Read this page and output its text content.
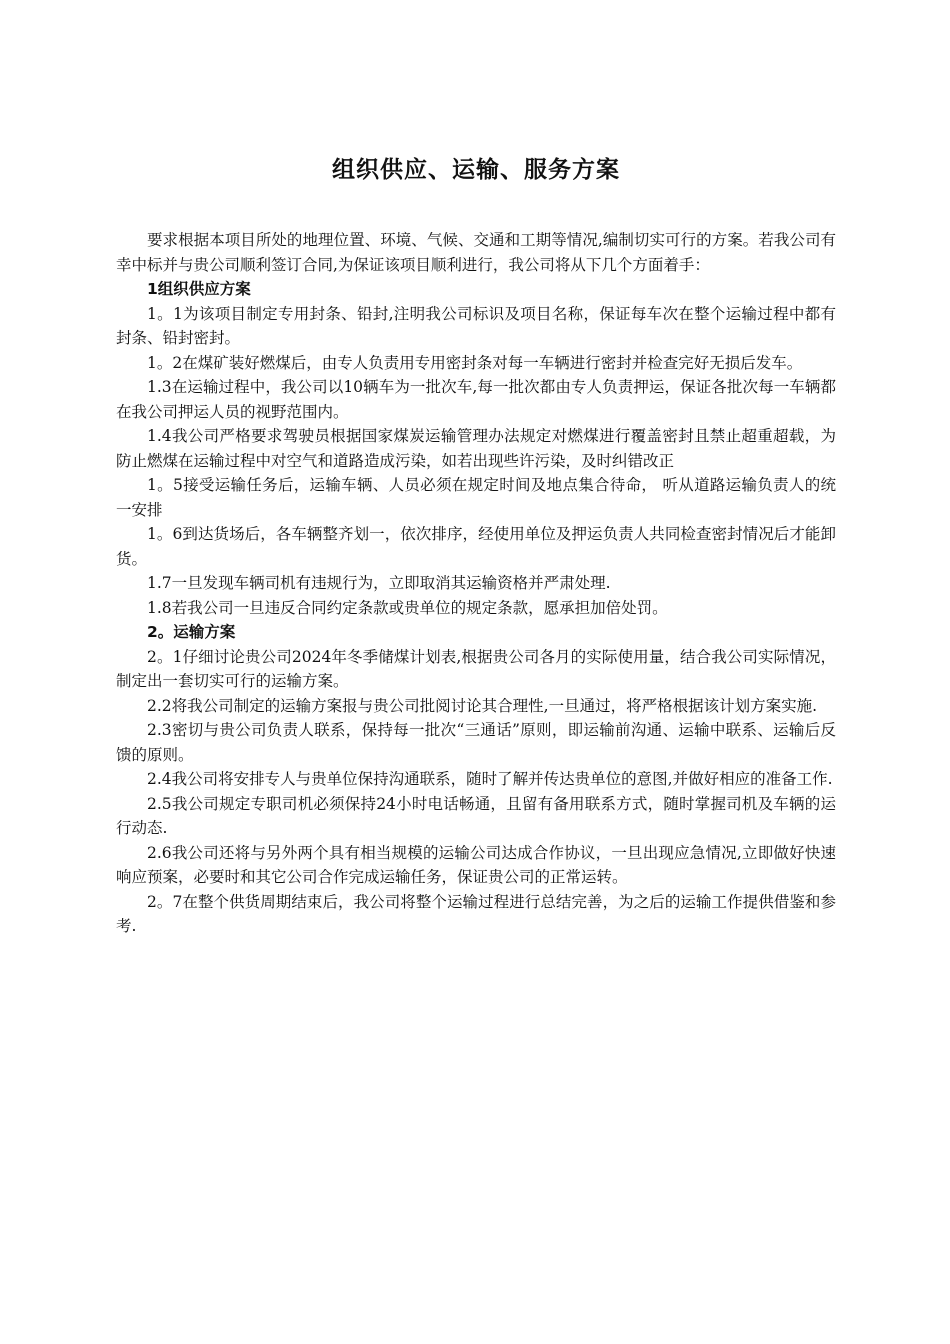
组织供应、运输、服务方案

要求根据本项目所处的地理位置、环境、气候、交通和工期等情况,编制切实可行的方案。若我公司有幸中标并与贵公司顺利签订合同,为保证该项目顺利进行，我公司将从下几个方面着手：

1组织供应方案

1。1为该项目制定专用封条、铅封,注明我公司标识及项目名称，保证每车次在整个运输过程中都有封条、铅封密封。

1。2在煤矿装好燃煤后，由专人负责用专用密封条对每一车辆进行密封并检查完好无损后发车。

1.3在运输过程中，我公司以10辆车为一批次车,每一批次都由专人负责押运，保证各批次每一车辆都在我公司押运人员的视野范围内。

1.4我公司严格要求驾驶员根据国家煤炭运输管理办法规定对燃煤进行覆盖密封且禁止超重超载，为防止燃煤在运输过程中对空气和道路造成污染，如若出现些许污染，及时纠错改正

1。5接受运输任务后，运输车辆、人员必须在规定时间及地点集合待命， 听从道路运输负责人的统一安排

1。6到达货场后，各车辆整齐划一，依次排序，经使用单位及押运负责人共同检查密封情况后才能卸货。

1.7一旦发现车辆司机有违规行为，立即取消其运输资格并严肃处理.

1.8若我公司一旦违反合同约定条款或贵单位的规定条款，愿承担加倍处罚。

2。运输方案

2。1仔细讨论贵公司2024年冬季储煤计划表,根据贵公司各月的实际使用量，结合我公司实际情况，制定出一套切实可行的运输方案。

2.2将我公司制定的运输方案报与贵公司批阅讨论其合理性,一旦通过，将严格根据该计划方案实施.

2.3密切与贵公司负责人联系，保持每一批次“三通话”原则，即运输前沟通、运输中联系、运输后反馈的原则。

2.4我公司将安排专人与贵单位保持沟通联系，随时了解并传达贵单位的意图,并做好相应的准备工作.

2.5我公司规定专职司机必须保持24小时电话畅通，且留有备用联系方式，随时掌握司机及车辆的运行动态.

2.6我公司还将与另外两个具有相当规模的运输公司达成合作协议，一旦出现应急情况,立即做好快速响应预案，必要时和其它公司合作完成运输任务，保证贵公司的正常运转。

2。7在整个供货周期结束后，我公司将整个运输过程进行总结完善，为之后的运输工作提供借鉴和参考.
